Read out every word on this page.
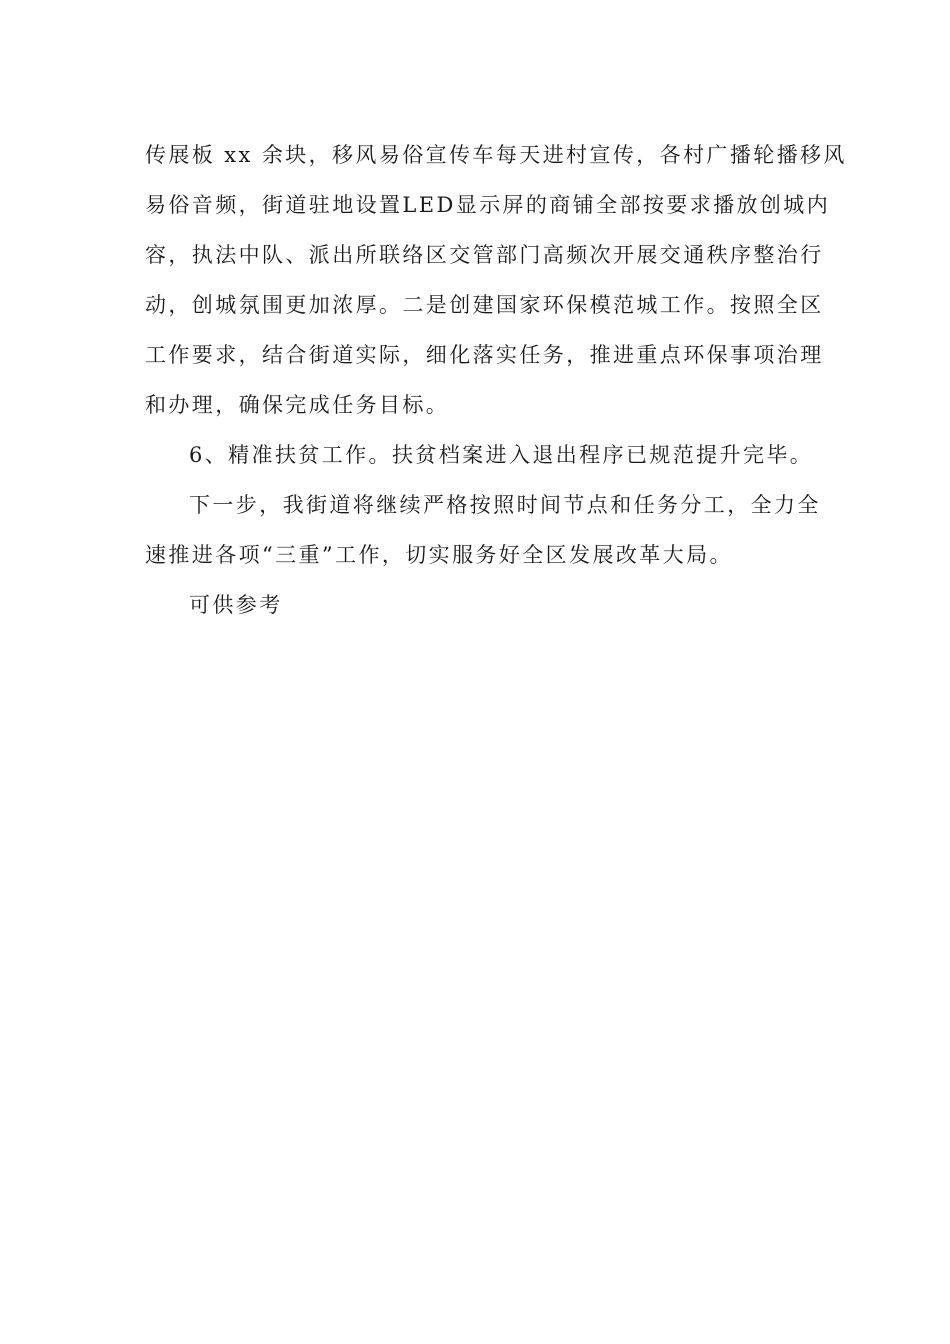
传展板 xx 余块，移风易俗宣传车每天进村宣传，各村广播轮播移风
易俗音频，街道驻地设置LED显示屏的商铺全部按要求播放创城内
容，执法中队、派出所联络区交管部门高频次开展交通秩序整治行
动，创城氛围更加浓厚。二是创建国家环保模范城工作。按照全区
工作要求，结合街道实际，细化落实任务，推进重点环保事项治理
和办理，确保完成任务目标。
6、精准扶贫工作。扶贫档案进入退出程序已规范提升完毕。
下一步，我街道将继续严格按照时间节点和任务分工，全力全
速推进各项“三重”工作，切实服务好全区发展改革大局。
可供参考
